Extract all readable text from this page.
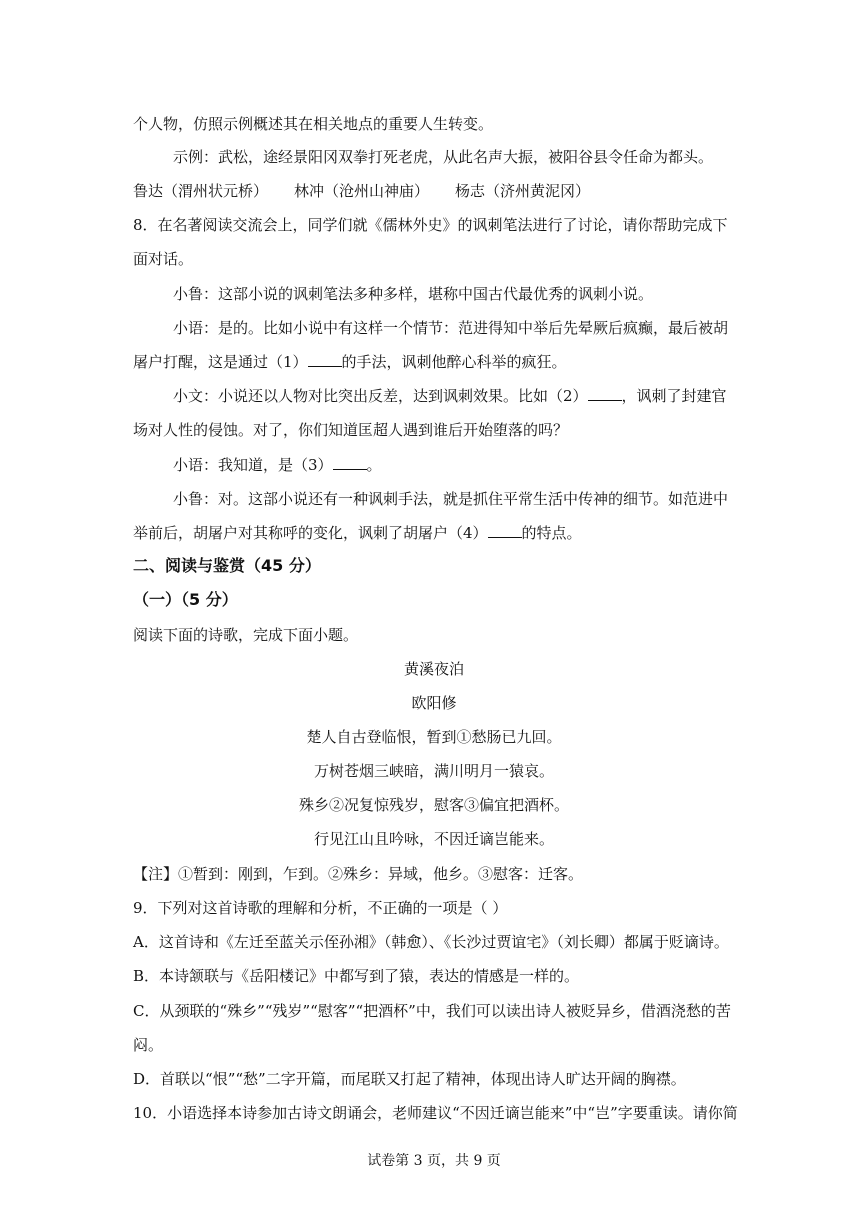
个人物，仿照示例概述其在相关地点的重要人生转变。
示例：武松，途经景阳冈双拳打死老虎，从此名声大振，被阳谷县令任命为都头。
鲁达（渭州状元桥） 林冲（沧州山神庙） 杨志（济州黄泥冈）
8．在名著阅读交流会上，同学们就《儒林外史》的讽刺笔法进行了讨论，请你帮助完成下
面对话。
小鲁：这部小说的讽刺笔法多种多样，堪称中国古代最优秀的讽刺小说。
小语：是的。比如小说中有这样一个情节：范进得知中举后先晕厥后疯癫，最后被胡
屠户打醒，这是通过（1） 的手法，讽刺他醉心科举的疯狂。
小文：小说还以人物对比突出反差，达到讽刺效果。比如（2） ，讽刺了封建官
场对人性的侵蚀。对了，你们知道匡超人遇到谁后开始堕落的吗？
小语：我知道，是（3） 。
小鲁：对。这部小说还有一种讽刺手法，就是抓住平常生活中传神的细节。如范进中
举前后，胡屠户对其称呼的变化，讽刺了胡屠户（4） 的特点。
二、阅读与鉴赏（45 分）
（一）（5 分）
阅读下面的诗歌，完成下面小题。
黄溪夜泊
欧阳修
楚人自古登临恨，暂到①愁肠已九回。
万树苍烟三峡暗，满川明月一猿哀。
殊乡②况复惊残岁，慰客③偏宜把酒杯。
行见江山且吟咏，不因迁谪岂能来。
【注】①暂到：刚到，乍到。②殊乡：异域，他乡。③慰客：迁客。
9．下列对这首诗歌的理解和分析，不正确的一项是（ ）
A．这首诗和《左迁至蓝关示侄孙湘》（韩愈）、《长沙过贾谊宅》（刘长卿）都属于贬谪诗。
B．本诗颔联与《岳阳楼记》中都写到了猿，表达的情感是一样的。
C．从颈联的“殊乡”“残岁”“慰客”“把酒杯”中，我们可以读出诗人被贬异乡，借酒浇愁的苦
闷。
D．首联以“恨”“愁”二字开篇，而尾联又打起了精神，体现出诗人旷达开阔的胸襟。
10．小语选择本诗参加古诗文朗诵会，老师建议“不因迁谪岂能来”中“岂”字要重读。请你简
试卷第 3 页，共 9 页
